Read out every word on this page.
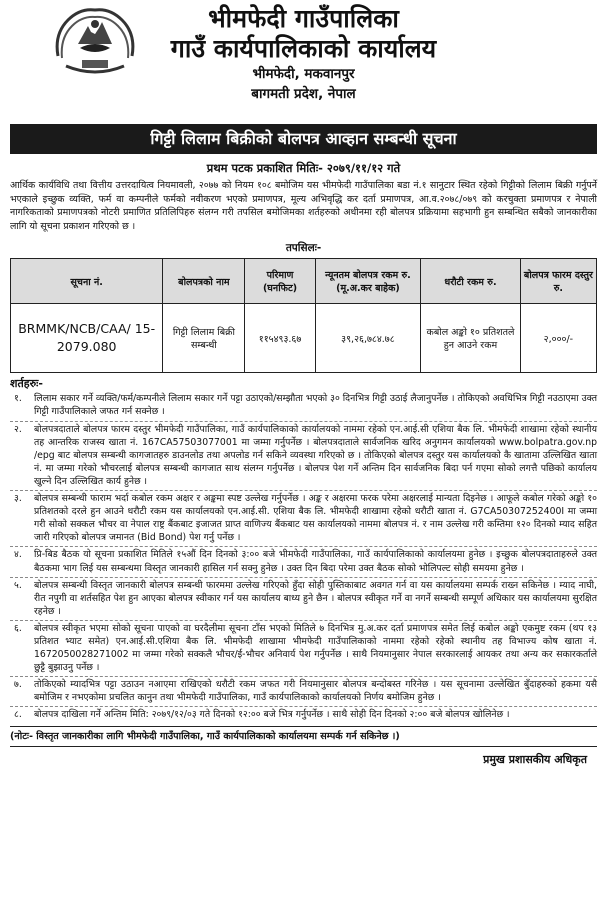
भीमफेदी गाउँपालिका
गाउँ कार्यपालिकाको कार्यालय
भीमफेदी, मकवानपुर
बागमती प्रदेश, नेपाल
गिट्टी लिलाम बिक्रीको बोलपत्र आव्हान सम्बन्धी सूचना
प्रथम पटक प्रकाशित मितिः- २०७९/११/१२ गते
आर्थिक कार्यविधि तथा वित्तीय उत्तरदायित्व नियमावली, २०७७ को नियम १०८ बमोजिम यस भीमफेदी गाउँपालिका बडा नं.१ सानुटार स्थित रहेको गिट्टीको लिलाम बिक्री गर्नुपर्ने भएकाले इच्छुक व्यक्ति, फर्म वा कम्पनीले फर्मको नवीकरण भएको प्रमाणपत्र, मूल्य अभिवृद्धि कर दर्ता प्रमाणपत्र, आ.व.२०७८/०७९ को करचुक्ता प्रमाणपत्र र नेपाली नागरिकताको प्रमाणपत्रको नोटरी प्रमाणित प्रतिलिपिहरु संलग्न गरी तपसिल बमोजिमका शर्तहरुको अधीनमा रही बोलपत्र प्रक्रियामा सहभागी हुन सम्बन्धित सबैको जानकारीका लागि यो सूचना प्रकाशन गरिएको छ ।
तपसिलः-
सूचना नं.	बोलपत्रको नाम	परिमाण (घनफिट)	न्यूनतम बोलपत्र रकम रु.(मू.अ.कर बाहेक)	धरौटी रकम रु.	बोलपत्र फारम दस्तुर रु.
BRMMK/NCB/CAA/ 15-2079.080	गिट्टी लिलाम बिक्री सम्बन्धी	११५४९३.६७	३९,२६,७८४.७८	कबोल अङ्को १० प्रतिशतले हुन आउने रकम	२,०००/-
शर्तहरुः-
१.	लिलाम सकार गर्ने व्यक्ति/फर्म/कम्पनीले लिलाम सकार गर्ने पट्टा उठाएको/सम्झौता भएको ३० दिनभित्र गिट्टी उठाई लैजानुपर्नेछ । तोकिएको अवधिभित्र गिट्टी नउठाएमा उक्त गिट्टी गाउँपालिकाले जफत गर्न सक्नेछ ।
२.	बोलपत्रदाताले बोलपत्र फारम दस्तुर भीमफेदी गाउँपालिका, गाउँ कार्यपालिकाको कार्यालयको नाममा रहेको एन.आई.सी एशिया बैक लि. भीमफेदी शाखामा रहेको स्थानीय तह आन्तरिक राजस्व खाता नं. 167CA57503077001 मा जम्मा गर्नुपर्नेछ । बोलपत्रदाताले सार्वजनिक खरिद अनुगमन कार्यालयको www.bolpatra.gov.np /epg बाट बोलपत्र सम्बन्धी कागजातहरु डाउनलोड तथा अपलोड गर्न सकिने व्यवस्था गरिएको छ । तोकिएको बोलपत्र दस्तुर यस कार्यालयको कै खातामा उल्लिखित खाता नं. मा जम्मा गरेको भौचरलाई बोलपत्र सम्बन्धी कागजात साथ संलग्न गर्नुपर्नेछ । बोलपत्र पेश गर्ने अन्तिम दिन सार्वजनिक बिदा पर्न गएमा सोको लगत्तै पछिको कार्यालय खुल्ने दिन उल्लिखित कार्य हुनेछ ।
३.	बोलपत्र सम्बन्धी फाराम भर्दा कबोल रकम अक्षर र अङ्कमा स्पष्ट उल्लेख गर्नुपर्नेछ । अङ्क र अक्षरमा फरक परेमा अक्षरलाई मान्यता दिइनेछ । आफूले कबोल गरेको अङ्को १० प्रतिशतको दरले हुन आउने धरौटी रकम यस कार्यालयको एन.आई.सी. एशिया बैक लि. भीमफेदी शाखामा रहेको धरौटी खाता नं. G7CA50307252400I मा जम्मा गरी सोको सक्कल भौचर वा नेपाल राष्ट्र बैंकबाट इजाजत प्राप्त वाणिज्य बैंकबाट यस कार्यालयको नाममा बोलपत्र नं. र नाम उल्लेख गरी कम्तिमा १२० दिनको म्याद सहित जारी गरिएको बोलपत्र जमानत (Bid Bond) पेश गर्नु पर्नेछ ।
४.	प्रि-बिड बैठक यो सूचना प्रकाशित मितिले १५औं दिन दिनको ३:०० बजे भीमफेदी गाउँपालिका, गाउँ कार्यपालिकाको कार्यालयमा हुनेछ । इच्छुक बोलपत्रदाताहरुले उक्त बैठकमा भाग लिई यस सम्बन्धमा विस्तृत जानकारी हासिल गर्न सक्नु हुनेछ । उक्त दिन बिदा परेमा उक्त बैठक सोको भोलिपल्ट सोही समयमा हुनेछ ।
५.	बोलपत्र सम्बन्धी विस्तृत जानकारी बोलपत्र सम्बन्धी फारममा उल्लेख गरिएको हुँदा सोही पुस्तिकाबाट अवगत गर्न वा यस कार्यालयमा सम्पर्क राख्न सकिनेछ । म्याद नाघी, रीत नपुगी वा शर्तसहित पेश हुन आएका बोलपत्र स्वीकार गर्न यस कार्यालय बाध्य हुने छैन । बोलपत्र स्वीकृत गर्ने वा नगर्ने सम्बन्धी सम्पूर्ण अधिकार यस कार्यालयमा सुरक्षित रहनेछ ।
६.	बोलपत्र स्वीकृत भएमा सोको सूचना पाएको वा घरदैलीमा सूचना टाँस भएको मितिले ७ दिनभित्र मु.अ.कर दर्ता प्रमाणपत्र समेत लिई कबोल अङ्को एकमुष्ट रकम (थप १३ प्रतिशत भ्याट समेत) एन.आई.सी.एशिया बैक लि. भीमफेदी शाखामा भीमफेदी गाउँपालिकाको नाममा रहेको रहेको स्थानीय तह विभाज्य कोष खाता नं. 1672050028271002 मा जम्मा गरेको सक्कलै भौचर/ई-भौचर अनिवार्य पेश गर्नुपर्नेछ । साथै नियमानुसार नेपाल सरकारलाई आयकर तथा अन्य कर सकारकर्ताले छुट्टै बुझाउनु पर्नेछ ।
७.	तोकिएको म्यादभित्र पट्टा उठाउन नआएमा राखिएको धरौटी रकम जफत गरी नियमानुसार बोलपत्र बन्दोबस्त गरिनेछ । यस सूचनामा उल्लेखित बुँदाहरुको हकमा यसै बमोजिम र नभएकोमा प्रचलित कानुन तथा भीमफेदी गाउँपालिका, गाउँ कार्यपालिकाको कार्यालयको निर्णय बमोजिम हुनेछ ।
८.	बोलपत्र दाखिला गर्ने अन्तिम मिति: २०७९/१२/०३ गते दिनको १२:०० बजे भित्र गर्नुपर्नेछ । साथै सोही दिन दिनको २:०० बजे बोलपत्र खोलिनेछ ।
(नोटः- विस्तृत जानकारीका लागि भीमफेदी गाउँपालिका, गाउँ कार्यपालिकाको कार्यालयमा सम्पर्क गर्न सकिनेछ ।)
प्रमुख प्रशासकीय अधिकृत
